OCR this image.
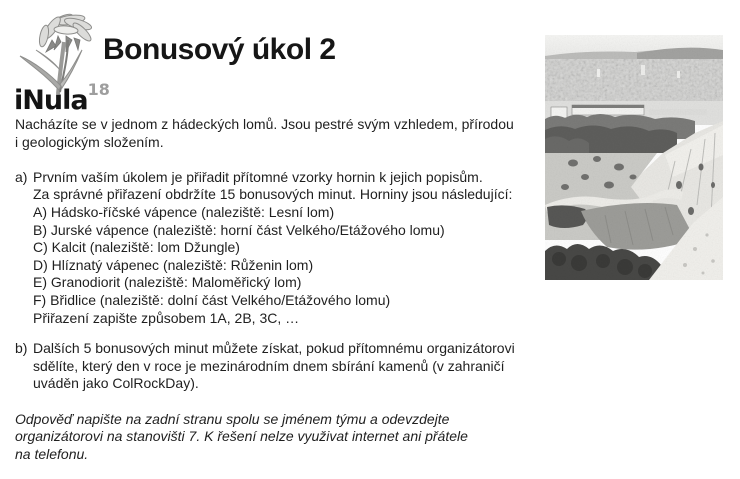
iNula$^{18}$
Bonusový úkol 2

Nacházíte se v jednom z hádeckých lomů. Jsou pestré svým vzhledem, přírodou
i geologickým složením.

a) Prvním vaším úkolem je přiřadit přítomné vzorky hornin k jejich popisům.
Za správné přiřazení obdržíte 15 bonusových minut. Horniny jsou následující:
A) Hádsko-říčské vápence (naleziště: Lesní lom)
B) Jurské vápence (naleziště: horní část Velkého/Etážového lomu)
C) Kalcit (naleziště: lom Džungle)
D) Hlíznatý vápenec (naleziště: Růženin lom)
E) Granodiorit (naleziště: Maloměřický lom)
F) Břidlice (naleziště: dolní část Velkého/Etážového lomu)
Přiřazení zapište způsobem 1A, 2B, 3C, …
b) Dalších 5 bonusových minut můžete získat, pokud přítomnému organizátorovi
sdělíte, který den v roce je mezinárodním dnem sbírání kamenů (v zahraničí
uváděn jako ColRockDay).
Odpověď napište na zadní stranu spolu se jménem týmu a odevzdejte
organizátorovi na stanovišti 7. K řešení nelze využivat internet ani přátele
na telefonu.
